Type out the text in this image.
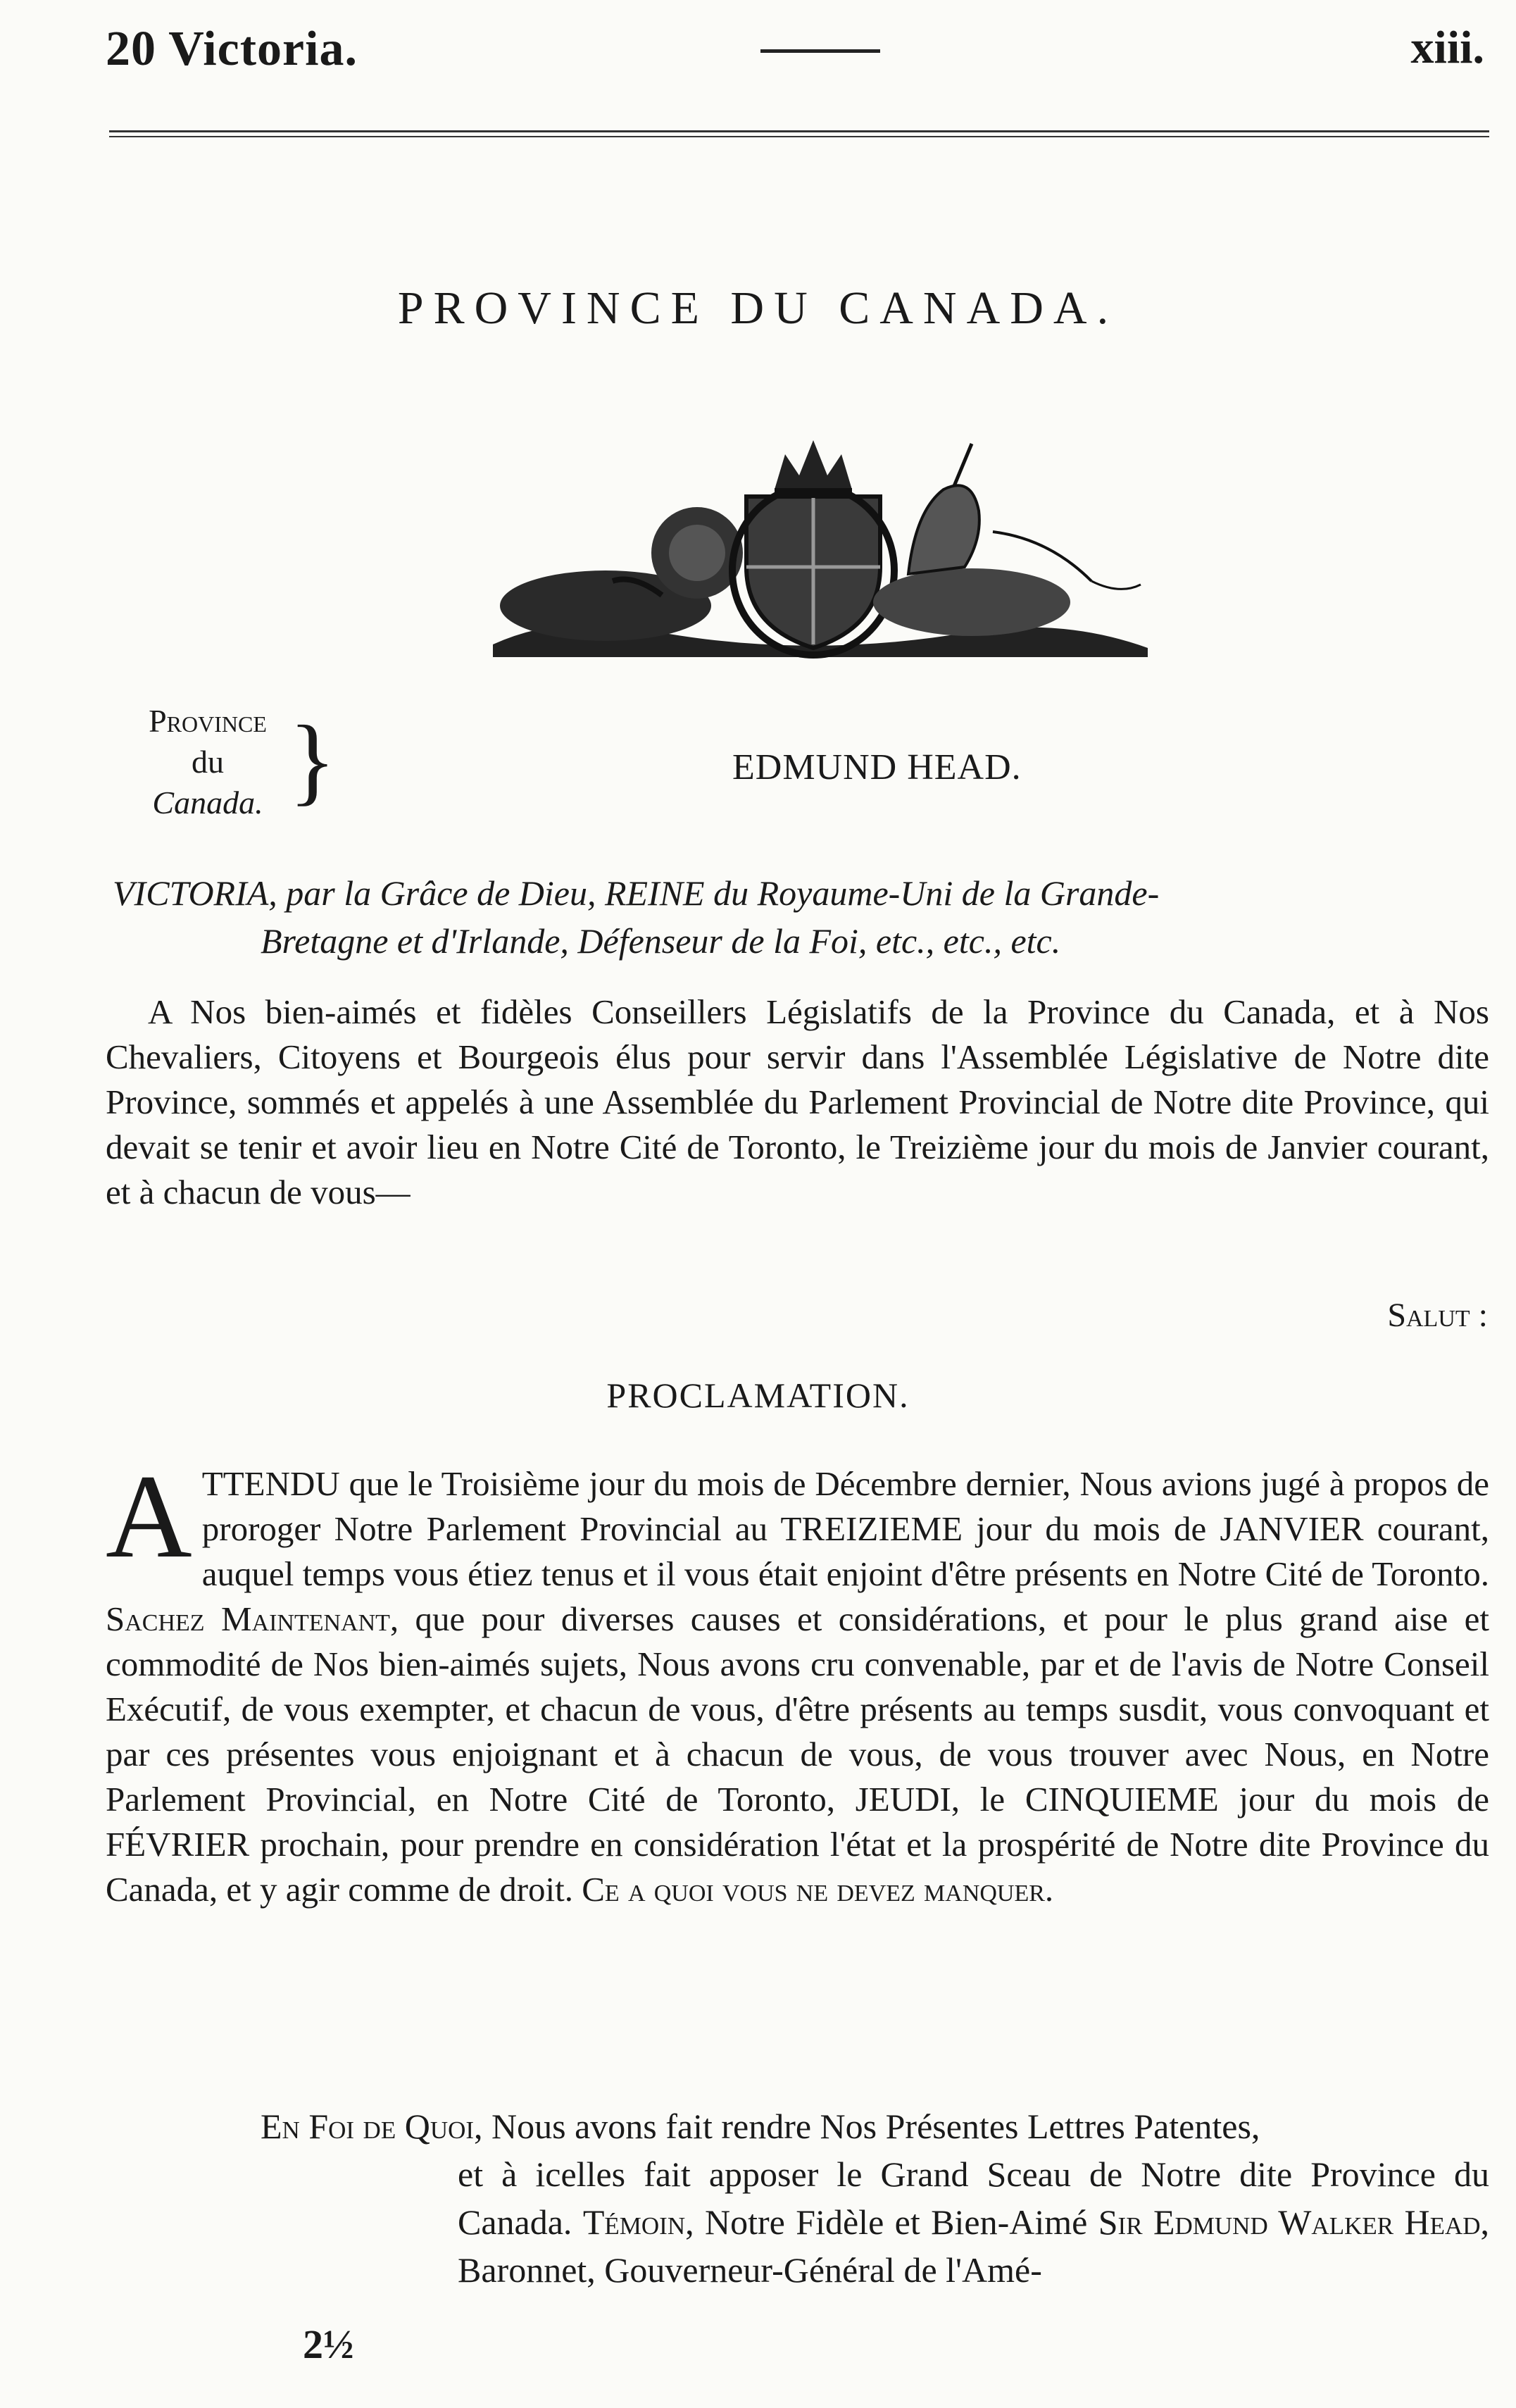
20 Victoria.	xiii.
PROVINCE DU CANADA.
Province
du
Canada. }	EDMUND HEAD.
VICTORIA, par la Grâce de Dieu, REINE du Royaume-Uni de la Grande-
Bretagne et d'Irlande, Défenseur de la Foi, etc., etc., etc.
A Nos bien-aimés et fidèles Conseillers Législatifs de la Province du Canada, et à Nos Chevaliers, Citoyens et Bourgeois élus pour servir dans l'Assemblée Législative de Notre dite Province, sommés et appelés à une Assemblée du Parlement Provincial de Notre dite Province, qui devait se tenir et avoir lieu en Notre Cité de Toronto, le Treizième jour du mois de Janvier courant, et à chacun de vous—
Salut :
PROCLAMATION.
ATTENDU que le Troisième jour du mois de Décembre dernier, Nous avions jugé à propos de proroger Notre Parlement Provincial au TREIZIEME jour du mois de JANVIER courant, auquel temps vous étiez tenus et il vous était enjoint d'être présents en Notre Cité de Toronto. Sachez Maintenant, que pour diverses causes et considérations, et pour le plus grand aise et commodité de Nos bien-aimés sujets, Nous avons cru convenable, par et de l'avis de Notre Conseil Exécutif, de vous exempter, et chacun de vous, d'être présents au temps susdit, vous convoquant et par ces présentes vous enjoignant et à chacun de vous, de vous trouver avec Nous, en Notre Parlement Provincial, en Notre Cité de Toronto, JEUDI, le CINQUIEME jour du mois de FÉVRIER prochain, pour prendre en considération l'état et la prospérité de Notre dite Province du Canada, et y agir comme de droit. Ce a quoi vous ne devez manquer.
En Foi de Quoi, Nous avons fait rendre Nos Présentes Lettres Patentes,
et à icelles fait apposer le Grand Sceau de Notre dite Province du Canada. Témoin, Notre Fidèle et Bien-Aimé Sir Edmund Walker Head, Baronnet, Gouverneur-Général de l'Amé-
2½
